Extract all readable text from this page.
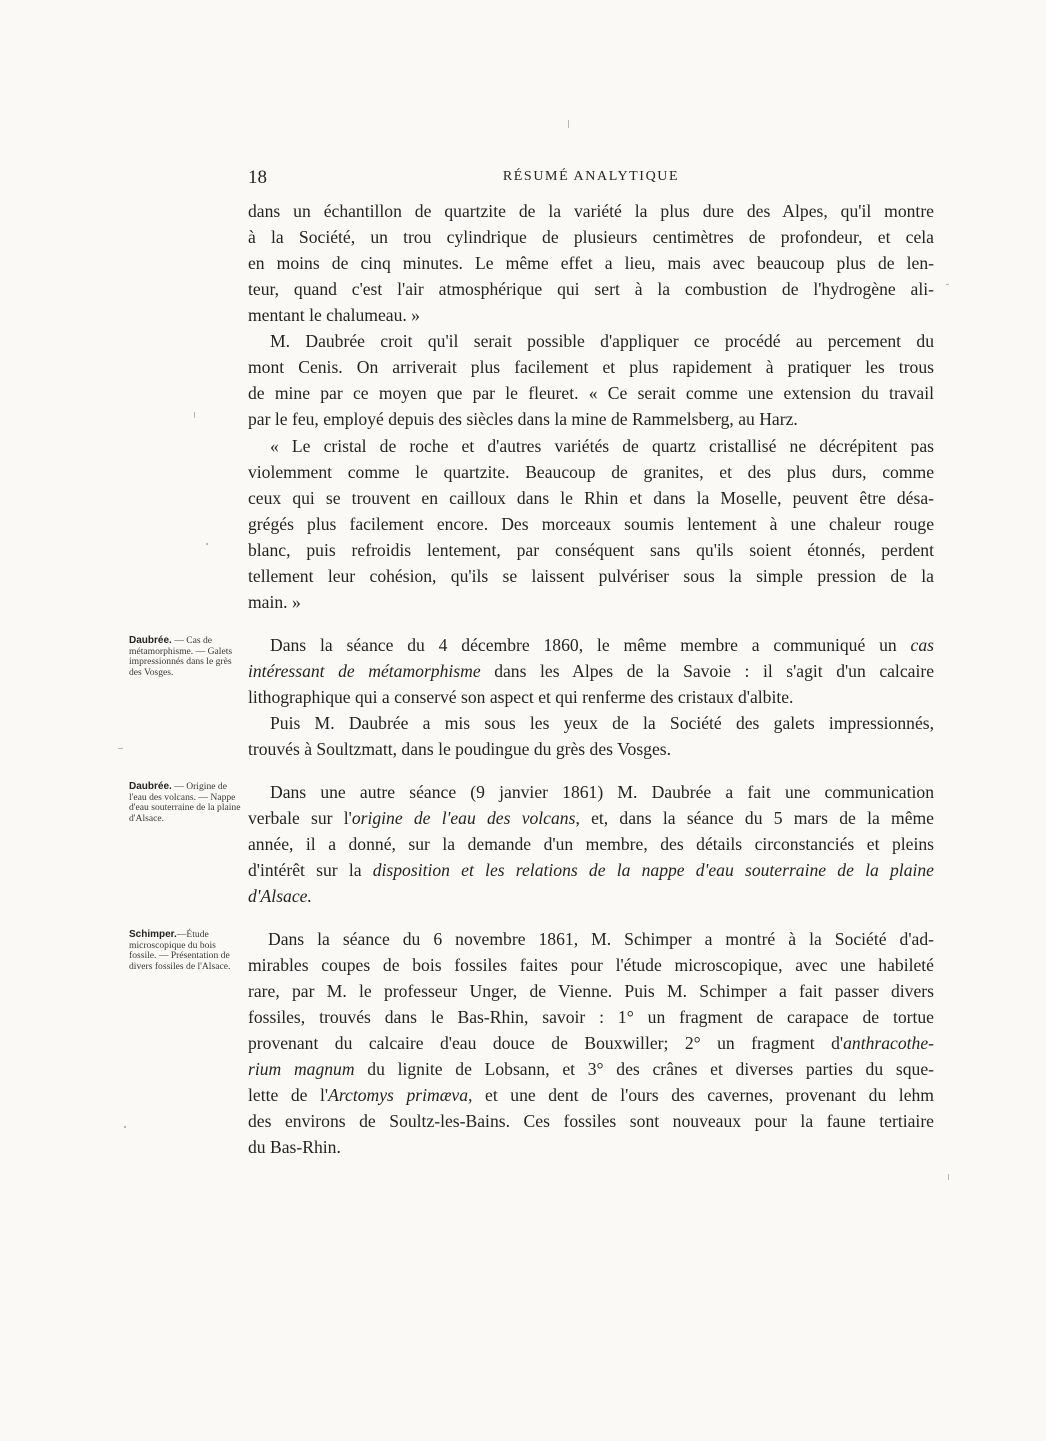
18	RÉSUMÉ ANALYTIQUE
dans un échantillon de quartzite de la variété la plus dure des Alpes, qu'il montre
à la Société, un trou cylindrique de plusieurs centimètres de profondeur, et cela
en moins de cinq minutes. Le même effet a lieu, mais avec beaucoup plus de len-
teur, quand c'est l'air atmosphérique qui sert à la combustion de l'hydrogène ali-
mentant le chalumeau. »
M. Daubrée croit qu'il serait possible d'appliquer ce procédé au percement du
mont Cenis. On arriverait plus facilement et plus rapidement à pratiquer les trous
de mine par ce moyen que par le fleuret. « Ce serait comme une extension du travail
par le feu, employé depuis des siècles dans la mine de Rammelsberg, au Harz.
« Le cristal de roche et d'autres variétés de quartz cristallisé ne décrépitent pas
violemment comme le quartzite. Beaucoup de granites, et des plus durs, comme
ceux qui se trouvent en cailloux dans le Rhin et dans la Moselle, peuvent être désa-
grégés plus facilement encore. Des morceaux soumis lentement à une chaleur rouge
blanc, puis refroidis lentement, par conséquent sans qu'ils soient étonnés, perdent
tellement leur cohésion, qu'ils se laissent pulvériser sous la simple pression de la
main. »
Daubrée. — Cas de métamorphisme. — Galets impressionnés dans le grès des Vosges.
Dans la séance du 4 décembre 1860, le même membre a communiqué un cas
intéressant de métamorphisme dans les Alpes de la Savoie : il s'agit d'un calcaire
lithographique qui a conservé son aspect et qui renferme des cristaux d'albite.
Puis M. Daubrée a mis sous les yeux de la Société des galets impressionnés,
trouvés à Soultzmatt, dans le poudingue du grès des Vosges.
Daubrée. — Origine de l'eau des volcans. — Nappe d'eau souterraine de la plaine d'Alsace.
Dans une autre séance (9 janvier 1861) M. Daubrée a fait une communication
verbale sur l'origine de l'eau des volcans, et, dans la séance du 5 mars de la même
année, il a donné, sur la demande d'un membre, des détails circonstanciés et pleins
d'intérêt sur la disposition et les relations de la nappe d'eau souterraine de la plaine
d'Alsace.
Schimper.—Étude microscopique du bois fossile. — Présentation de divers fossiles de l'Alsace.
Dans la séance du 6 novembre 1861, M. Schimper a montré à la Société d'ad-
mirables coupes de bois fossiles faites pour l'étude microscopique, avec une habileté
rare, par M. le professeur Unger, de Vienne. Puis M. Schimper a fait passer divers
fossiles, trouvés dans le Bas-Rhin, savoir : 1° un fragment de carapace de tortue
provenant du calcaire d'eau douce de Bouxwiller; 2° un fragment d'anthracothe-
rium magnum du lignite de Lobsann, et 3° des crânes et diverses parties du sque-
lette de l'Arctomys primæva, et une dent de l'ours des cavernes, provenant du lehm
des environs de Soultz-les-Bains. Ces fossiles sont nouveaux pour la faune tertiaire
du Bas-Rhin.
